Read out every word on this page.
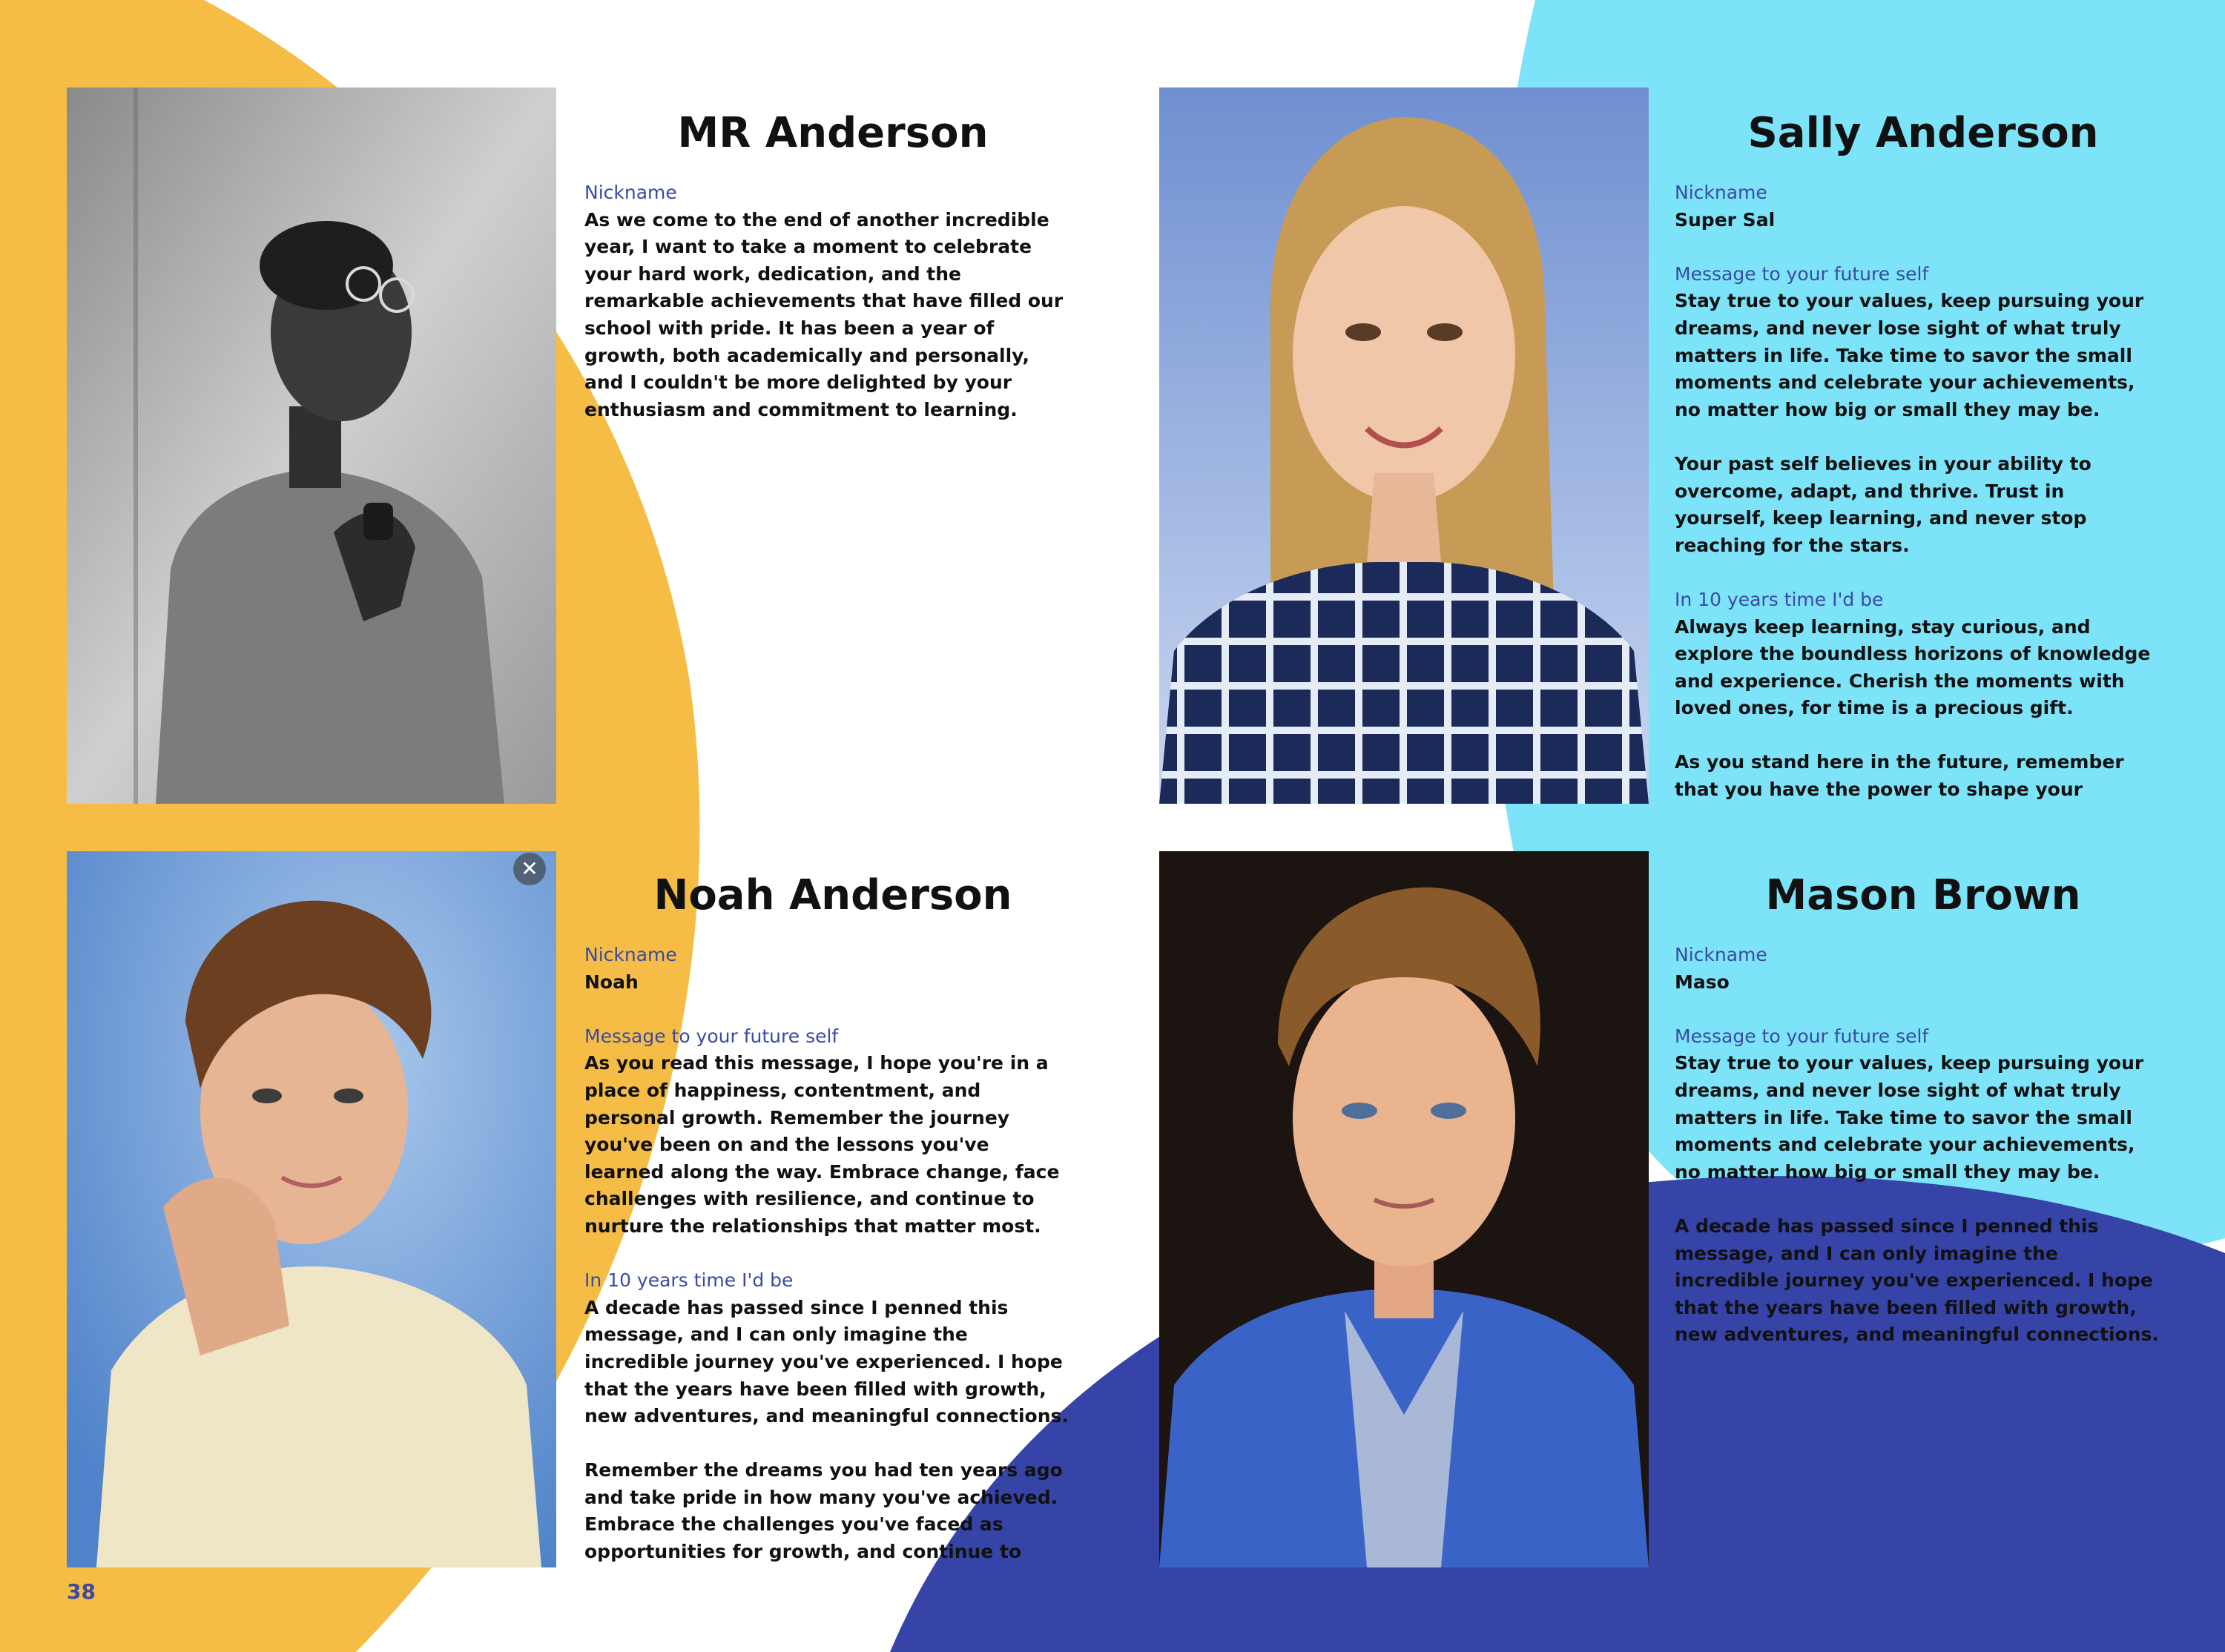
MR Anderson
Nickname
As we come to the end of another incredible
year, I want to take a moment to celebrate
your hard work, dedication, and the
remarkable achievements that have filled our
school with pride. It has been a year of
growth, both academically and personally,
and I couldn't be more delighted by your
enthusiasm and commitment to learning.
Sally Anderson
Nickname
Super Sal
Message to your future self
Stay true to your values, keep pursuing your
dreams, and never lose sight of what truly
matters in life. Take time to savor the small
moments and celebrate your achievements,
no matter how big or small they may be.

Your past self believes in your ability to
overcome, adapt, and thrive. Trust in
yourself, keep learning, and never stop
reaching for the stars.
In 10 years time I'd be
Always keep learning, stay curious, and
explore the boundless horizons of knowledge
and experience. Cherish the moments with
loved ones, for time is a precious gift.

As you stand here in the future, remember
that you have the power to shape your
✕
Noah Anderson
Nickname
Noah
Message to your future self
As you read this message, I hope you're in a
place of happiness, contentment, and
personal growth. Remember the journey
you've been on and the lessons you've
learned along the way. Embrace change, face
challenges with resilience, and continue to
nurture the relationships that matter most.
In 10 years time I'd be
A decade has passed since I penned this
message, and I can only imagine the
incredible journey you've experienced. I hope
that the years have been filled with growth,
new adventures, and meaningful connections.

Remember the dreams you had ten years ago
and take pride in how many you've achieved.
Embrace the challenges you've faced as
opportunities for growth, and continue to
Mason Brown
Nickname
Maso
Message to your future self
Stay true to your values, keep pursuing your
dreams, and never lose sight of what truly
matters in life. Take time to savor the small
moments and celebrate your achievements,
no matter how big or small they may be.
A decade has passed since I penned this
message, and I can only imagine the
incredible journey you've experienced. I hope
that the years have been filled with growth,
new adventures, and meaningful connections.
38
